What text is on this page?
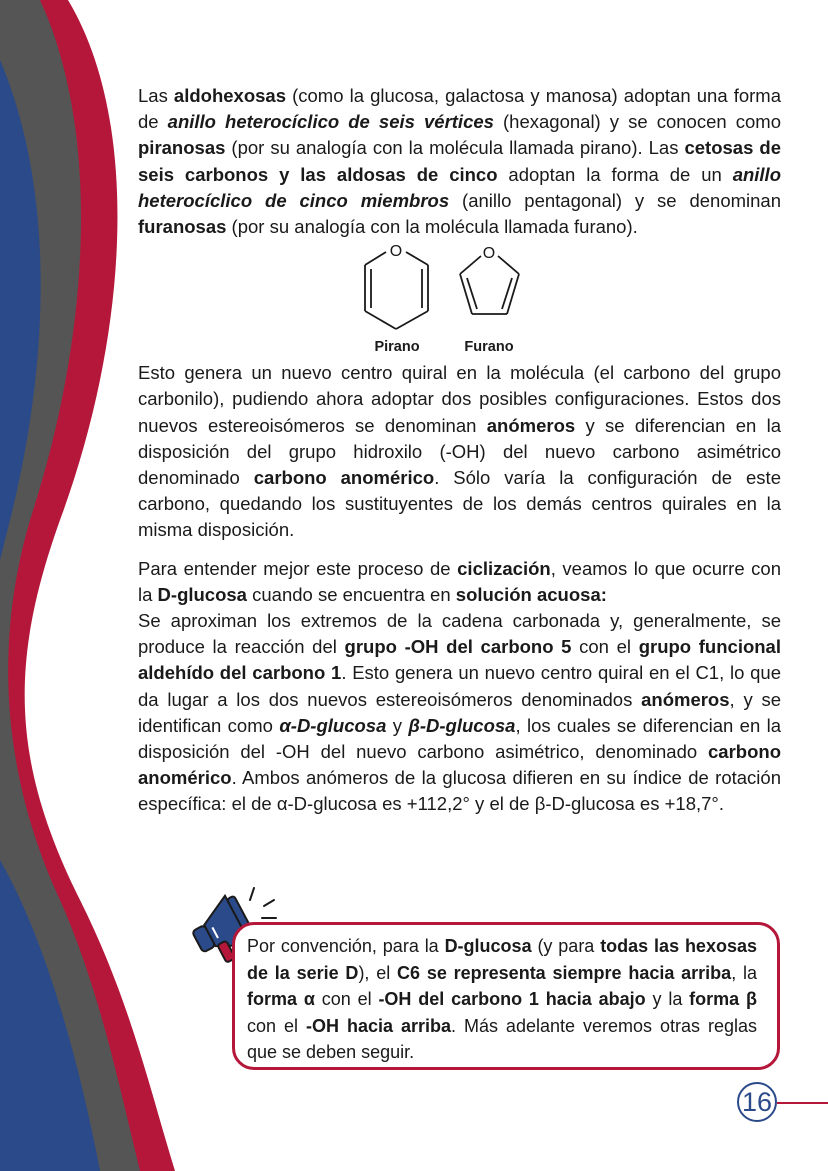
Las aldohexosas (como la glucosa, galactosa y manosa) adoptan una forma de anillo heterocíclico de seis vértices (hexagonal) y se conocen como piranosas (por su analogía con la molécula llamada pirano). Las cetosas de seis carbonos y las aldosas de cinco adoptan la forma de un anillo heterocíclico de cinco miembros (anillo pentagonal) y se denominan furanosas (por su analogía con la molécula llamada furano).

O
Pirano
O
Furano

Esto genera un nuevo centro quiral en la molécula (el carbono del grupo carbonilo), pudiendo ahora adoptar dos posibles configuraciones. Estos dos nuevos estereoisómeros se denominan anómeros y se diferencian en la disposición del grupo hidroxilo (-OH) del nuevo carbono asimétrico denominado carbono anomérico. Sólo varía la configuración de este carbono, quedando los sustituyentes de los demás centros quirales en la misma disposición.

Para entender mejor este proceso de ciclización, veamos lo que ocurre con la D-glucosa cuando se encuentra en solución acuosa:

Se aproximan los extremos de la cadena carbonada y, generalmente, se produce la reacción del grupo -OH del carbono 5 con el grupo funcional aldehído del carbono 1. Esto genera un nuevo centro quiral en el C1, lo que da lugar a los dos nuevos estereoisómeros denominados anómeros, y se identifican como α-D-glucosa y β-D-glucosa, los cuales se diferencian en la disposición del -OH del nuevo carbono asimétrico, denominado carbono anomérico. Ambos anómeros de la glucosa difieren en su índice de rotación específica: el de α-D-glucosa es +112,2° y el de β-D-glucosa es +18,7°.

Por convención, para la D-glucosa (y para todas las hexosas de la serie D), el C6 se representa siempre hacia arriba, la forma α con el -OH del carbono 1 hacia abajo y la forma β con el -OH hacia arriba. Más adelante veremos otras reglas que se deben seguir.
16
